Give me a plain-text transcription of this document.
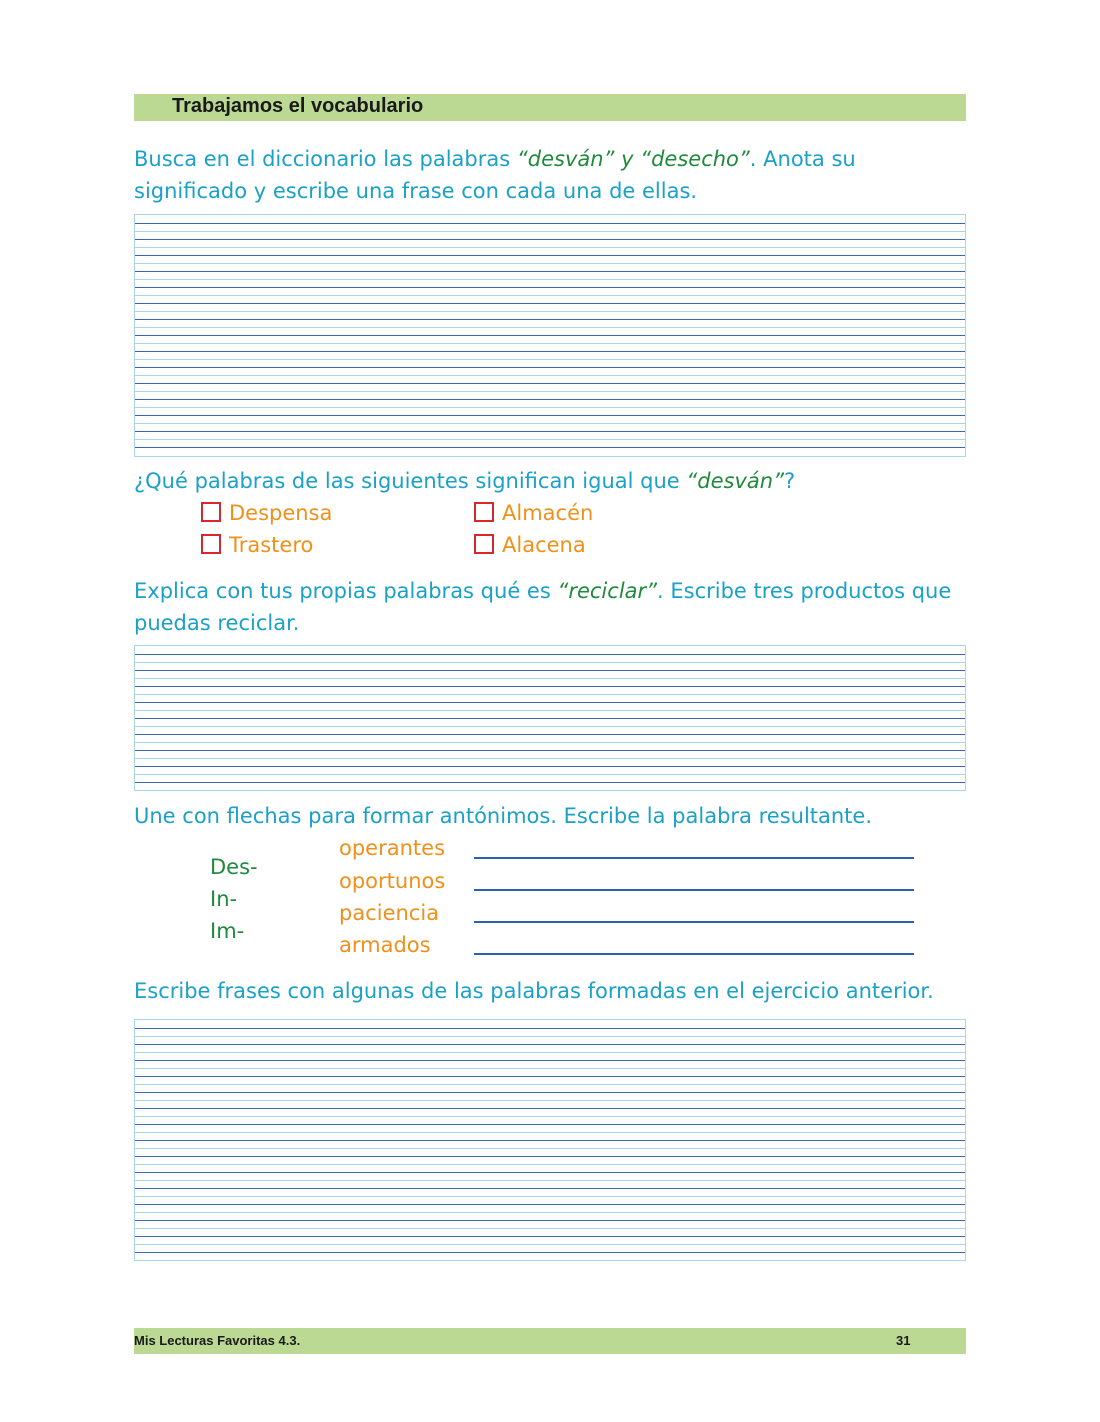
Trabajamos el vocabulario
Busca en el diccionario las palabras “desván” y “desecho”. Anota su significado y escribe una frase con cada una de ellas.
¿Qué palabras de las siguientes significan igual que “desván”?
Despensa	Almacén
Trastero	Alacena
Explica con tus propias palabras qué es “reciclar”. Escribe tres productos que puedas reciclar.
Une con flechas para formar antónimos. Escribe la palabra resultante.
Des-
In-
Im-
operantes
oportunos
paciencia
armados
Escribe frases con algunas de las palabras formadas en el ejercicio anterior.
Mis Lecturas Favoritas 4.3.	31
